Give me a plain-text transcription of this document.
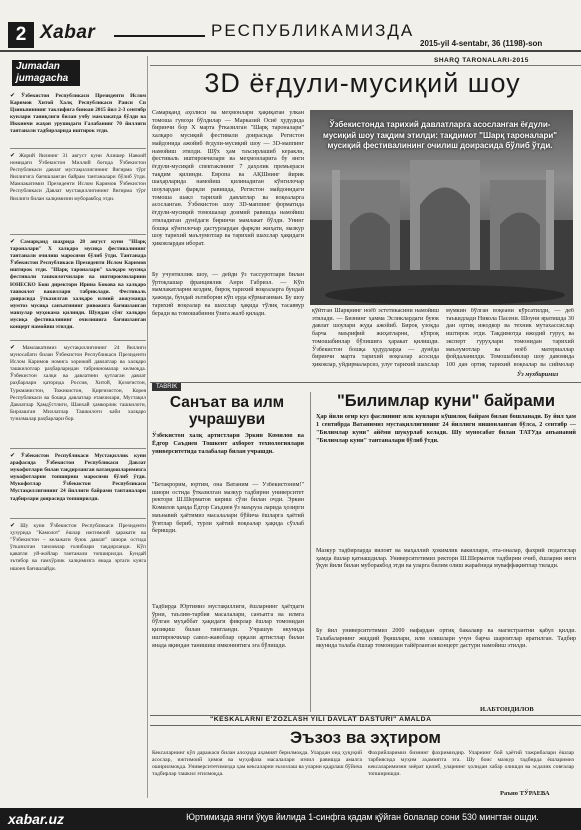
2 Xabar	РЕСПУБЛИКАМИЗДА
2015-yil 4-sentabr, 36 (1198)-son
Jumadan
jumagacha
✔ Ўзбекистон Республикаси Президенти Ислом Каримов Хитой Халқ Республикаси Раиси Си Цзиньпиннинг таклифига биноан 2015 йил 2-3 сентябр кунлари таниқлиги билан учбу мамлакатда бўлди ва Иккинчи жаҳон урушидаги Ғалабанинг 70 йиллиги тантанали тадбирларида иштирок этди.
✔ Жорий йилнинг 31 август куни Алишер Навоий номидаги Ўзбекистон Миллий боғида Ўзбекистон Республикаси давлат мустақиллигининг йигирма тўрт йиллигига бағишланган байрам тантаналари бўлиб ўтди. Мамлакатимиз Президенти Ислом Каримов Ўзбекистон Республикаси Давлат мустақиллигининг йигирма тўрт йиллиги билан халқимизни муборакбод этди.
✔ Самарқанд шаҳрида 28 август куни "Шарқ тароналари" Х халқаро мусиқа фестивалининг тантанали очилиш маросими бўлиб ўтди. Тантанада Ўзбекистон Республикаси Президенти Ислом Каримов иштирок этди. "Шарқ тароналари" халқаро мусиқа фестивали ташкилотчилари ва иштирокчиларини ЮНЕСКО Бош директори Ирина Бокова ва халқаро ташкилот вакиллари табриклади. Фестиваль доирасида ўтказилган халқаро илмий анжуманда мумтоз мусиқа санъатининг ривожига бағишланган мавзулар муҳокама қилинди. Шундан сўнг халқаро мусиқа фестивалининг очилишига бағишланган концерт намойиш этилди.
✔ Мамлакатимиз мустақиллигининг 24 йиллиги муносабати билан Ўзбекистон Республикаси Президенти Ислом Каримов номига хорижий давлатлар ва халқаро ташкилотлар раҳбарларидан табрикномалар келмоқда. Ўзбекистон халқи ва давлатини қутлаган давлат раҳбарлари қаторида Россия, Хитой, Қозоғистон, Туркманистон, Тожикистон, Қирғизистон, Корея Республикаси ва бошқа давлатлар етакчилари, Мустақил Давлатлар Ҳамдўстлиги, Шанхай ҳамкорлик ташкилоти, Бирлашган Миллатлар Ташкилоти каби халқаро тузилмалар раҳбарлари бор.
✔ Ўзбекистон Республикаси Мустақиллик куни арафасида Ўзбекистон Республикаси Давлат мукофотлари билан тақдирланган ватандошларимизга мукофотларни топшириш маросими бўлиб ўтди. Мукофотлар Ўзбекистон Республикаси Мустақиллигининг 24 йиллиги байрами тантаналари тадбирлари доирасида топширилди.
✔ Шу куни Ўзбекистон Республикаси Президенти ҳузурида "Камолот" ёшлар ижтимоий ҳаракати ва "Ўзбекистон – келажаги буюк давлат" шиори остида ўтказилган танловлар ғолиблари тақдирланди. Кўп қаватли уй-жойлар тантанали топширилди. Бундай эътибор ва ғамхўрлик халқимизга янада эртаги кунга ишонч бағишлайди.
SHARQ TARONALARI-2015
3D ёғдули-мусиқий шоу
Самарқанд аҳолиси ва меҳмонлари ҳақиқатан улкан томоша гувоҳи бўлдилар — Марказий Осиё ҳудудида биринчи бор Х марта ўтказилган "Шарқ тароналари" халқаро мусиқий фестивали доирасида Регистон майдонида ажойиб ёғдули-мусиқий шоу — 3D-маппинг намойиш этилди. Шўх ҳам таъсирлашиб керакли, фестиваль иштирокчилари ва меҳмонларига бу янги ёғдули-мусиқий спектаклнинг 7 даҳолик премьераси тақдим қилинди. Европа ва АҚШнинг йирик шаҳарларида намойиш қилинадиган кўнгилочар шоулардан фарқли равишда, Регистон майдонидаги томоша шакл тарихий давлатлар ва воқеаларга асосланган. Ўзбекистон шоу 3D-маппинг форматида ёғдули-мусиқий томошалар доимий равишда намойиш этиладиган дунёдаги биринчи мамлакат бўлди. Унинг бошқа кўнгилочар дастурлардан фарқли жиҳати, мазкур шоу тарихий маълумотлар ва тарихий шахслар ҳақидаги ҳикоялардан иборат.
Бу учунтиллик шоу, — дейди ўз тассуротлари билан ўртоқлашар франциялик Анри Габриэл. — Кўп мамлакатларни кездим, бироқ тарихий воқеаларга бундай ҳажмда, бундай эътиборни кўп ерда кўрмаганман. Бу шоу тарихий воқеалар ва шахслар ҳақида тўлиқ тасаввур беради ва томошабинни ўзига жалб қилади.
Ўзбекистонда тарихий давлатларга асосланган ёғдули-мусиқий шоу тақдим этилди: тақдимот "Шарқ тароналари" мусиқий фестивалининг очилиш доирасида бўлиб ўтди.
қўйтган Шарқнинг ноёб эстетикасини намойиш этилади. — Бизнинг ҳамма Эсликлардаги буюк давлат шоулари жуда ажойиб. Бироқ узоқда барча маърифий жиҳатларни, кўпроқ томошабинлар бўлишига ҳаракат қилишди. Ўзбекистон бошқа ҳудудларда — дунёда биринчи марта тарихий воқеалар асосида ҳикоялар, уйдирмаларсиз, улуғ тарихий шахслар
мумкин бўлган воқеани кўрсатилди, — деб таъкидлади Никола Пасени. Шоуни яратишда 30 дан ортиқ ижодкор ва техник мутахассислар иштирок этди. Тақдимотда ижодий гуруҳ ва эксперт гуруҳлари томонидан тарихий маълумотлар ва ноёб материаллар фойдаланилди. Томошабинлар шоу давомида 100 дан ортиқ тарихий воқеалар ва сиймолар
Ўз мухбиримиз
TABRIK
Санъат ва илм учрашуви
Ўзбекистон халқ артистлари Эркин Комилов ва Ёдгор Саъдиев Тошкент ахборот технологиялари университетида талабалар билан учрашди.
"Бетакрорим, юртим, она Ватаним — Ўзбекистоним!" шиори остида ўтказилган мазкур тадбирни университет ректори Ш.Шерматов кириш сўзи билан очди. Эркин Комилов ҳамда Ёдгор Саъдиев ўз маъруза ларида ҳозирги маънавий ҳаётимиз масалалари бўйича ёшларга ҳаётий ўгитлар бериб, турли ҳаётий воқеалар ҳақида сўзлаб беришди.
Тадбирда Юртимиз мустақиллиги, ёшларнинг ҳаётдаги ўрни, таълим-тарбия масалалари, санъатга ва илмга бўлган муҳаббат ҳақидаги фикрлар ёшлар томонидан қизиқиш билан тингланди. Учрашув якунида иштирокчилар савол-жавоблар орқали артистлар билан янада яқиндан танишиш имкониятига эга бўлишди.
"Билимлар куни" байрами
Ҳар йили оғир куз фаслининг илк кунлари кўшилоқ байрам билан бошланади. Бу йил ҳам 1 сентябрда Ватанимиз мустақиллигининг 24 йиллиги нишонланган бўлса, 2 сентябр — "Билимлар куни" айёми шукурлаб келади. Шу муносабат билан ТАТУда анъанавий "Билимлар куни" тантаналари бўлиб ўтди.
Мазкур тадбирларда вилоят ва маҳаллий ҳокимлик вакиллари, ота-оналар, фахрий педагоглар ҳамда ёшлар қатнашдилар. Университетимиз ректори Ш.Шерматов тадбирни очиб, ёшларни янги ўқув йили билан муборакбод этди ва уларга билим олиш жараёнида муваффақиятлар тилади.
Бу йил университетимиз 2000 нафардан ортиқ бакалавр ва магистрантни қабул қилди. Талабаларнинг жиддий ўқишлари, илм олишлари учун барча шароитлар яратилган. Тадбир якунида талаба ёшлар томонидан тайёрланган концерт дастури намойиш этилди.
И.АБТОНДИЛОВ
"KESKALARNI E'ZOZLASH YILI DAVLAT DASTURI" AMALDA
Эъзоз ва эҳтиром
Кексаларнинг кўп даражаси билан алоҳида аҳамият берилмоқда. Улардан оид ҳуқуқий асослар, ижтимоий ҳимоя ва муҳофаза масалалари изчил равишда амалга оширилмоқда. Университетимизда ҳам кексаларни эъзозлаш ва уларни қадрлаш бўйича тадбирлар ташкил этилмоқда.
Фахрийларимиз бизнинг фахримиздир. Уларнинг бой ҳаётий тажрибалари ёшлар тарбиясида муҳим аҳамиятга эга. Шу боис мазкур тадбирда ёшларимиз кексаларимизни зиёрат қилиб, уларнинг ҳолидан хабар олишди ва эсдалик совғалар топширишди.
Раъно ТЎРАЕВА
xabar.uz	Юртимизда янги ўқув йилида 1-синфга қадам қўйган болалар сони 530 мингтан ошди.
